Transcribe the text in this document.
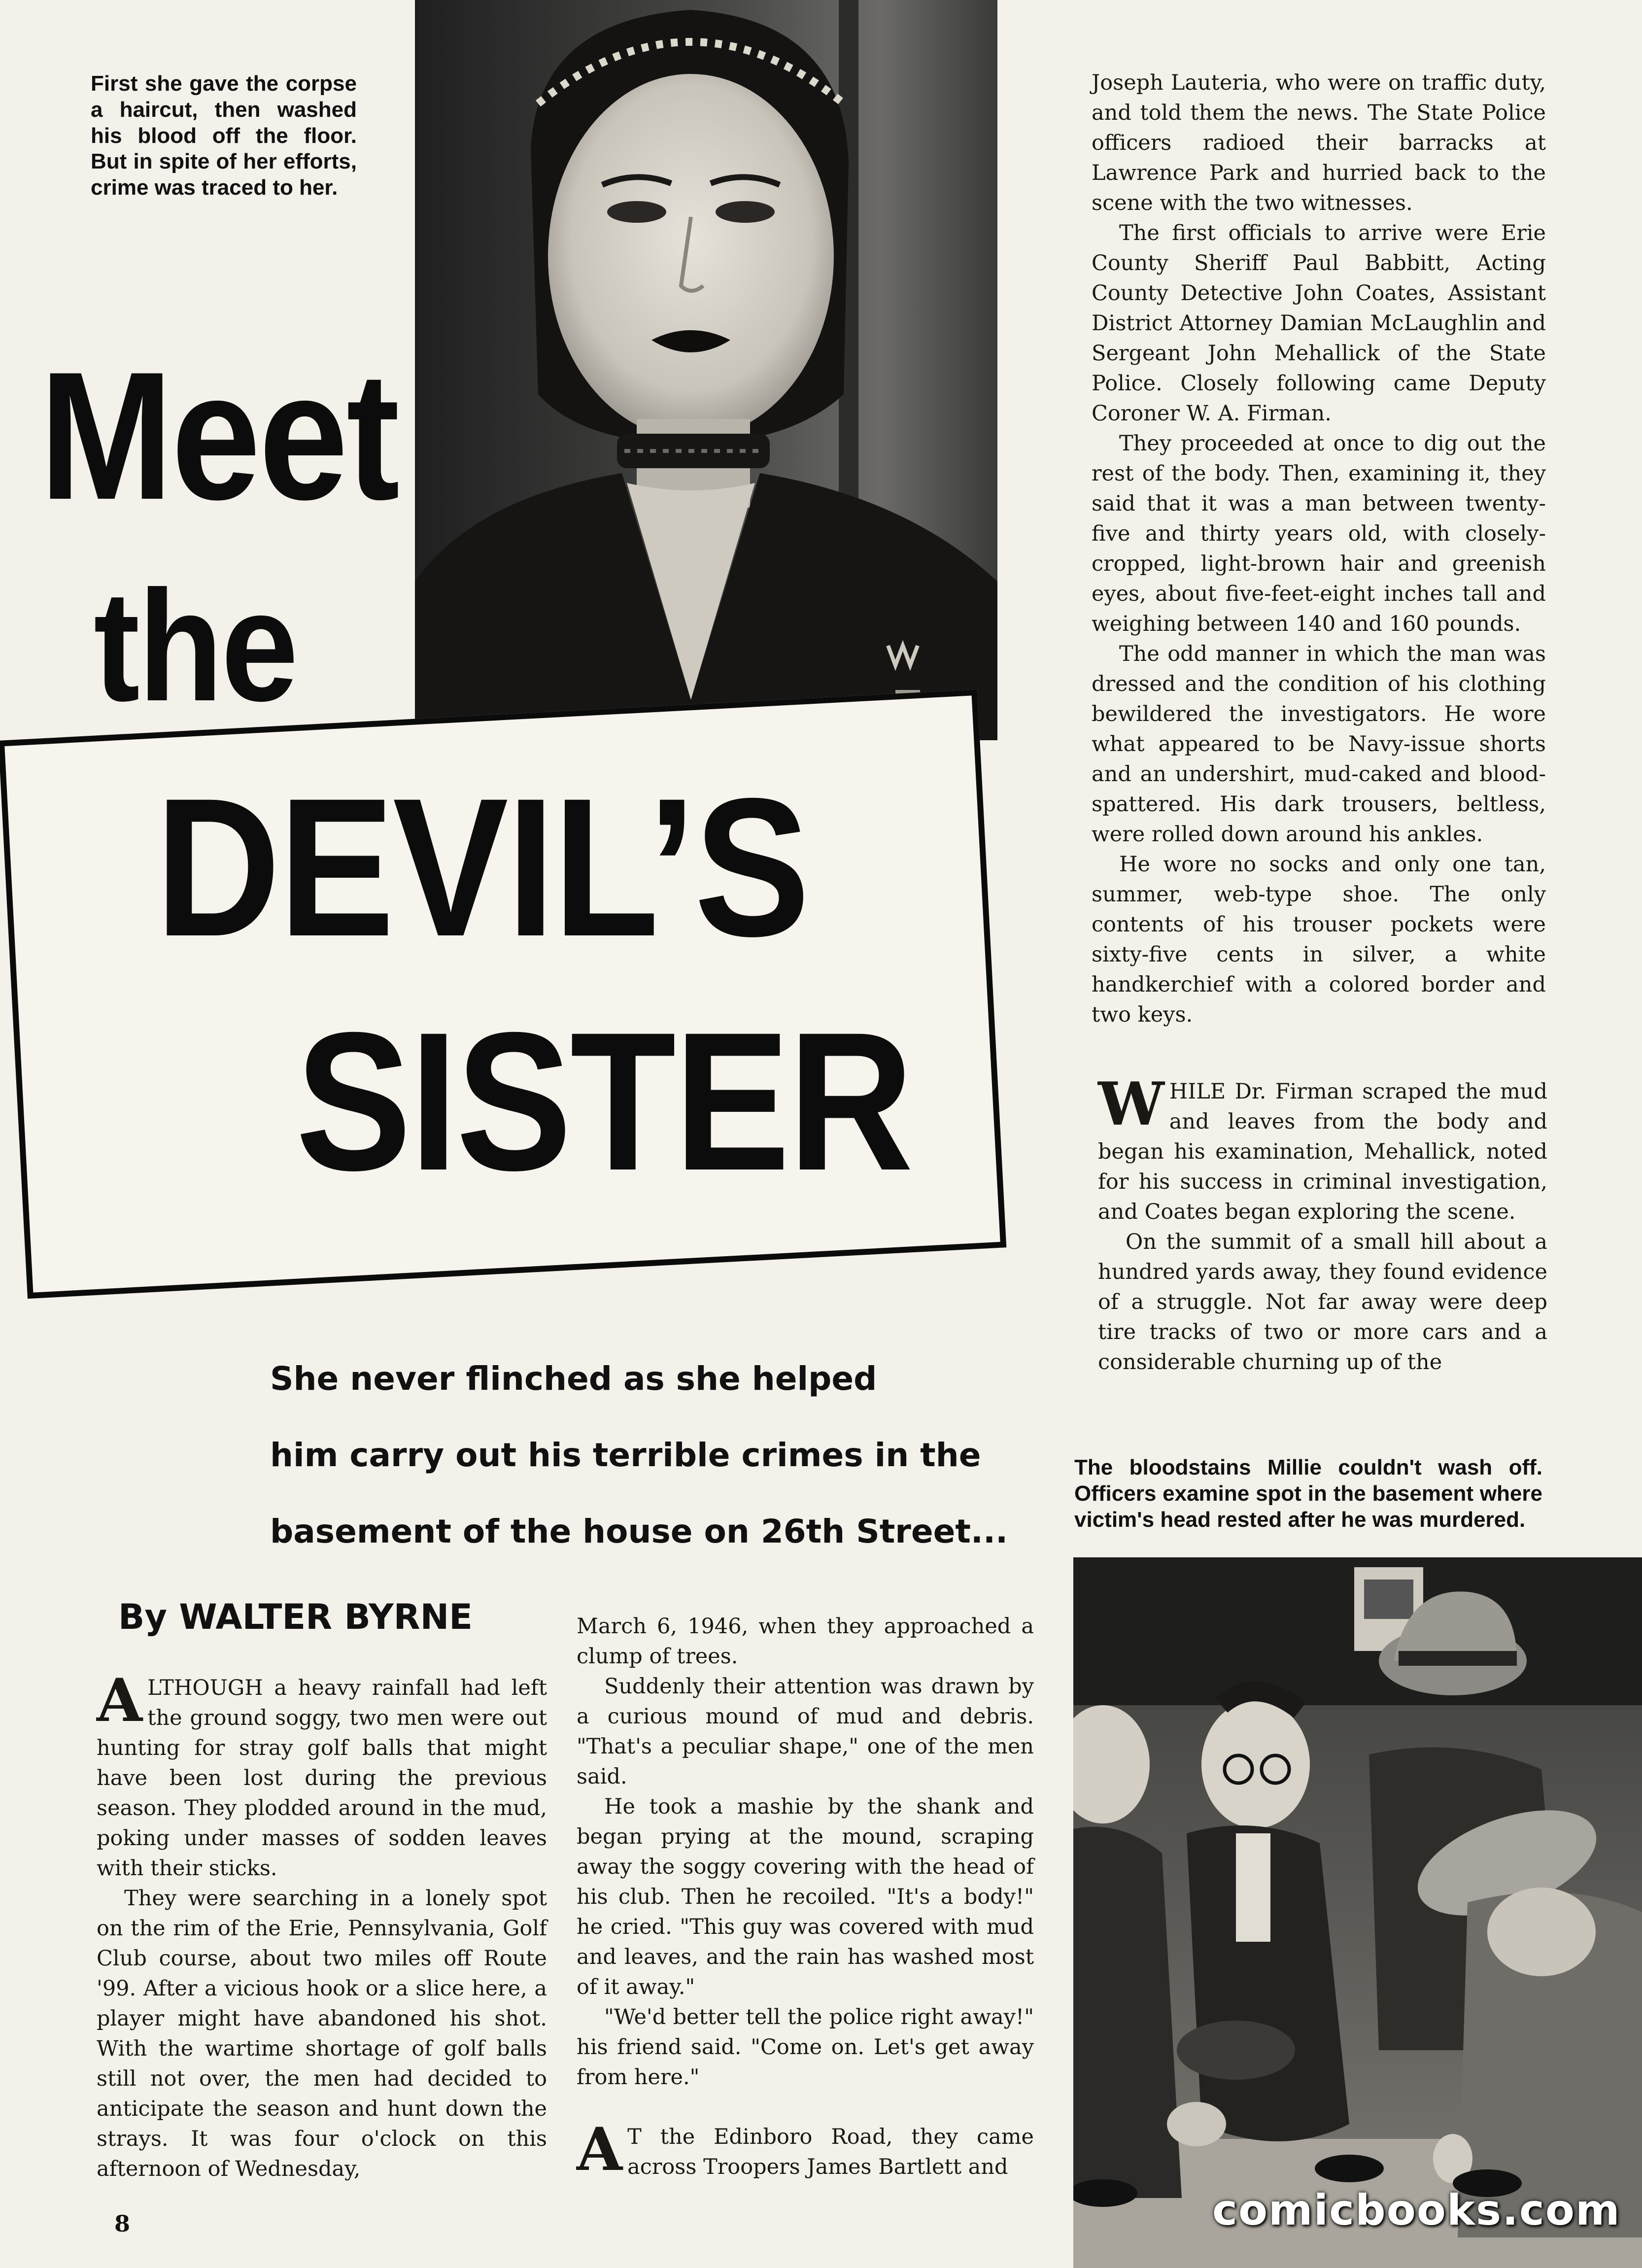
First she gave the corpse a haircut, then washed his blood off the floor. But in spite of her efforts, crime was traced to her.
Meet
the
DEVIL’S
SISTER
She never flinched as she helped
him carry out his terrible crimes in the
basement of the house on 26th Street...
By WALTER BYRNE

ALTHOUGH a heavy rainfall had left the ground soggy, two men were out hunting for stray golf balls that might have been lost during the previous season. They plodded around in the mud, poking under masses of sodden leaves with their sticks.

They were searching in a lonely spot on the rim of the Erie, Pennsylvania, Golf Club course, about two miles off Route '99. After a vicious hook or a slice here, a player might have abandoned his shot. With the wartime shortage of golf balls still not over, the men had decided to anticipate the season and hunt down the strays. It was four o'clock on this afternoon of Wednesday,

March 6, 1946, when they approached a clump of trees.

Suddenly their attention was drawn by a curious mound of mud and debris. "That's a peculiar shape," one of the men said.

He took a mashie by the shank and began prying at the mound, scraping away the soggy covering with the head of his club. Then he recoiled. "It's a body!" he cried. "This guy was covered with mud and leaves, and the rain has washed most of it away."

"We'd better tell the police right away!" his friend said. "Come on. Let's get away from here."

A T the Edinboro Road, they came across Troopers James Bartlett and

Joseph Lauteria, who were on traffic duty, and told them the news. The State Police officers radioed their barracks at Lawrence Park and hurried back to the scene with the two witnesses.

The first officials to arrive were Erie County Sheriff Paul Babbitt, Acting County Detective John Coates, Assistant District Attorney Damian McLaughlin and Sergeant John Mehallick of the State Police. Closely following came Deputy Coroner W. A. Firman.

They proceeded at once to dig out the rest of the body. Then, examining it, they said that it was a man between twenty-five and thirty years old, with closely-cropped, light-brown hair and greenish eyes, about five-feet-eight inches tall and weighing between 140 and 160 pounds.

The odd manner in which the man was dressed and the condition of his clothing bewildered the investigators. He wore what appeared to be Navy-issue shorts and an undershirt, mud-caked and blood-spattered. His dark trousers, beltless, were rolled down around his ankles.

He wore no socks and only one tan, summer, web-type shoe. The only contents of his trouser pockets were sixty-five cents in silver, a white handkerchief with a colored border and two keys.

WHILE Dr. Firman scraped the mud and leaves from the body and began his examination, Mehallick, noted for his success in criminal investigation, and Coates began exploring the scene.

On the summit of a small hill about a hundred yards away, they found evidence of a struggle. Not far away were deep tire tracks of two or more cars and a considerable churning up of the

The bloodstains Millie couldn't wash off. Officers examine spot in the basement where victim's head rested after he was murdered.
8	comicbooks.com
